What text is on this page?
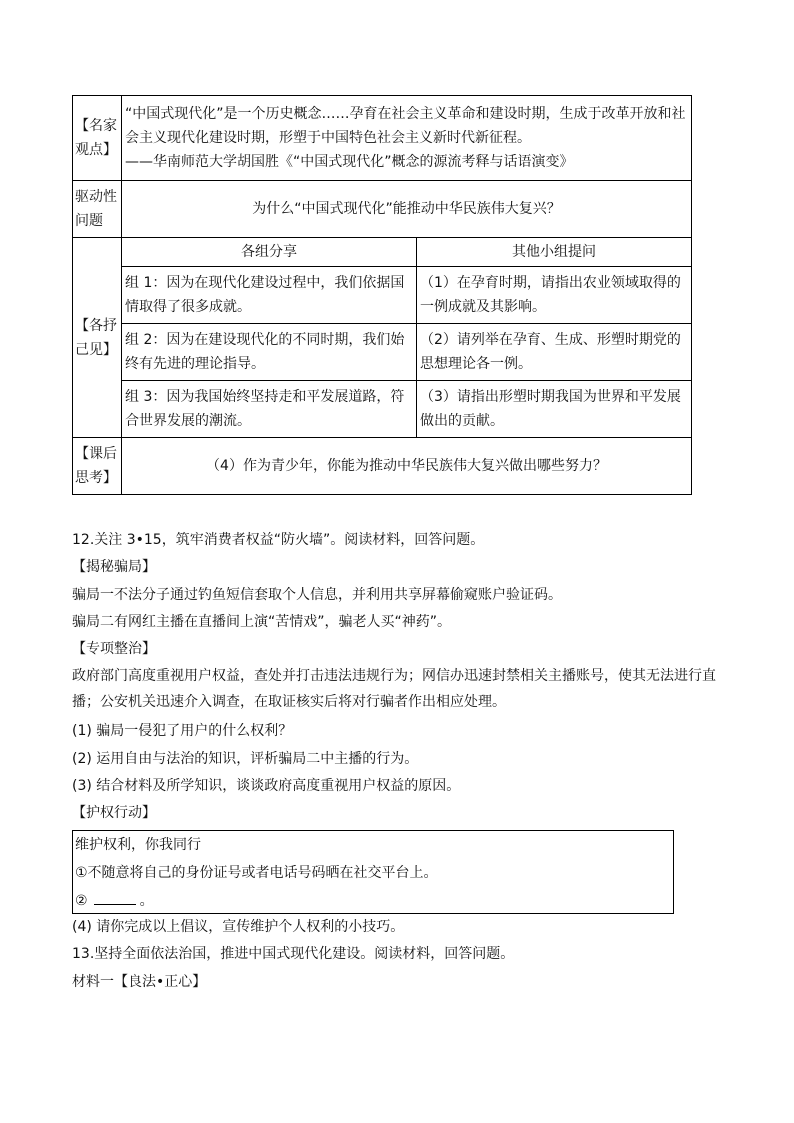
【名家观点】	“中国式现代化”是一个历史概念……孕育在社会主义革命和建设时期，生成于改革开放和社会主义现代化建设时期，形塑于中国特色社会主义新时代新征程。
——华南师范大学胡国胜《“中国式现代化”概念的源流考释与话语演变》	

驱动性问题	为什么“中国式现代化”能推动中华民族伟大复兴？	
【各抒己见】	各组分享	其他小组提问
	组 1：因为在现代化建设过程中，我们依据国情取得了很多成就。	（1）在孕育时期，请指出农业领域取得的一例成就及其影响。
	组 2：因为在建设现代化的不同时期，我们始终有先进的理论指导。	（2）请列举在孕育、生成、形塑时期党的思想理论各一例。
	组 3：因为我国始终坚持走和平发展道路，符合世界发展的潮流。	（3）请指出形塑时期我国为世界和平发展做出的贡献。
【课后思考】	（4）作为青少年，你能为推动中华民族伟大复兴做出哪些努力？	
12.关注 3•15，筑牢消费者权益“防火墙”。阅读材料，回答问题。
【揭秘骗局】
骗局一不法分子通过钓鱼短信套取个人信息，并利用共享屏幕偷窥账户验证码。
骗局二有网红主播在直播间上演“苦情戏”，骗老人买“神药”。
【专项整治】
政府部门高度重视用户权益，查处并打击违法违规行为；网信办迅速封禁相关主播账号，使其无法进行直播；公安机关迅速介入调查，在取证核实后将对行骗者作出相应处理。
(1) 骗局一侵犯了用户的什么权利？
(2) 运用自由与法治的知识，评析骗局二中主播的行为。
(3) 结合材料及所学知识，谈谈政府高度重视用户权益的原因。
【护权行动】
维护权利，你我同行
①不随意将自己的身份证号或者电话号码晒在社交平台上。
②	。
(4) 请你完成以上倡议，宣传维护个人权利的小技巧。
13.坚持全面依法治国，推进中国式现代化建设。阅读材料，回答问题。
材料一【良法•正心】
